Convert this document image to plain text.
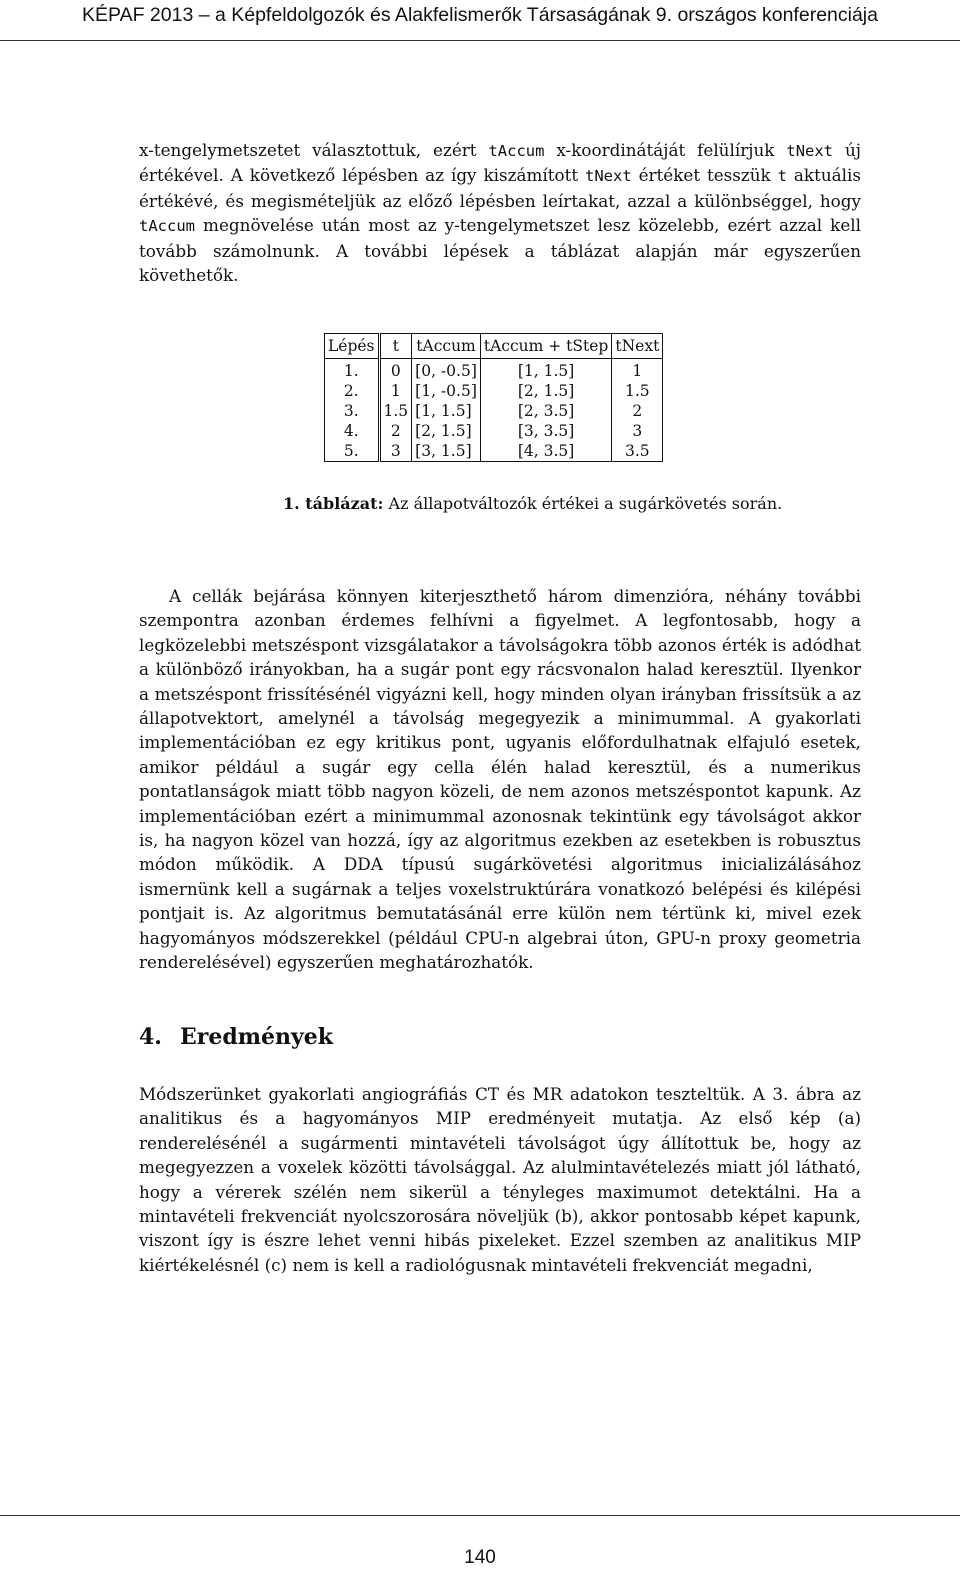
KÉPAF 2013 – a Képfeldolgozók és Alakfelismerők Társaságának 9. országos konferenciája

x-tengelymetszetet választottuk, ezért tAccum x-koordinátáját felülírjuk tNext új értékével. A következő lépésben az így kiszámított tNext értéket tesszük t aktuális értékévé, és megismételjük az előző lépésben leírtakat, azzal a különbséggel, hogy tAccum megnövelése után most az y-tengelymetszet lesz közelebb, ezért azzal kell tovább számolnunk. A további lépések a táblázat alapján már egyszerűen követhetők.

Lépés	t	tAccum	tAccum + tStep	tNext
1.	0	[0, -0.5]	[1, 1.5]	1
2.	1	[1, -0.5]	[2, 1.5]	1.5
3.	1.5	[1, 1.5]	[2, 3.5]	2
4.	2	[2, 1.5]	[3, 3.5]	3
5.	3	[3, 1.5]	[4, 3.5]	3.5
1. táblázat: Az állapotváltozók értékei a sugárkövetés során.

A cellák bejárása könnyen kiterjeszthető három dimenzióra, néhány további szempontra azonban érdemes felhívni a figyelmet. A legfontosabb, hogy a legközelebbi metszéspont vizsgálatakor a távolságokra több azonos érték is adódhat a különböző irányokban, ha a sugár pont egy rácsvonalon halad keresztül. Ilyenkor a metszéspont frissítésénél vigyázni kell, hogy minden olyan irányban frissítsük a az állapotvektort, amelynél a távolság megegyezik a minimummal. A gyakorlati implementációban ez egy kritikus pont, ugyanis előfordulhatnak elfajuló esetek, amikor például a sugár egy cella élén halad keresztül, és a numerikus pontatlanságok miatt több nagyon közeli, de nem azonos metszéspontot kapunk. Az implementációban ezért a minimummal azonosnak tekintünk egy távolságot akkor is, ha nagyon közel van hozzá, így az algoritmus ezekben az esetekben is robusztus módon működik. A DDA típusú sugárkövetési algoritmus inicializálásához ismernünk kell a sugárnak a teljes voxelstruktúrára vonatkozó belépési és kilépési pontjait is. Az algoritmus bemutatásánál erre külön nem tértünk ki, mivel ezek hagyományos módszerekkel (például CPU-n algebrai úton, GPU-n proxy geometria renderelésével) egyszerűen meghatározhatók.

4. Eredmények

Módszerünket gyakorlati angiográfiás CT és MR adatokon teszteltük. A 3. ábra az analitikus és a hagyományos MIP eredményeit mutatja. Az első kép (a) renderelésénél a sugármenti mintavételi távolságot úgy állítottuk be, hogy az megegyezzen a voxelek közötti távolsággal. Az alulmintavételezés miatt jól látható, hogy a vérerek szélén nem sikerül a tényleges maximumot detektálni. Ha a mintavételi frekvenciát nyolcszorosára növeljük (b), akkor pontosabb képet kapunk, viszont így is észre lehet venni hibás pixeleket. Ezzel szemben az analitikus MIP kiértékelésnél (c) nem is kell a radiológusnak mintavételi frekvenciát megadni,

140
